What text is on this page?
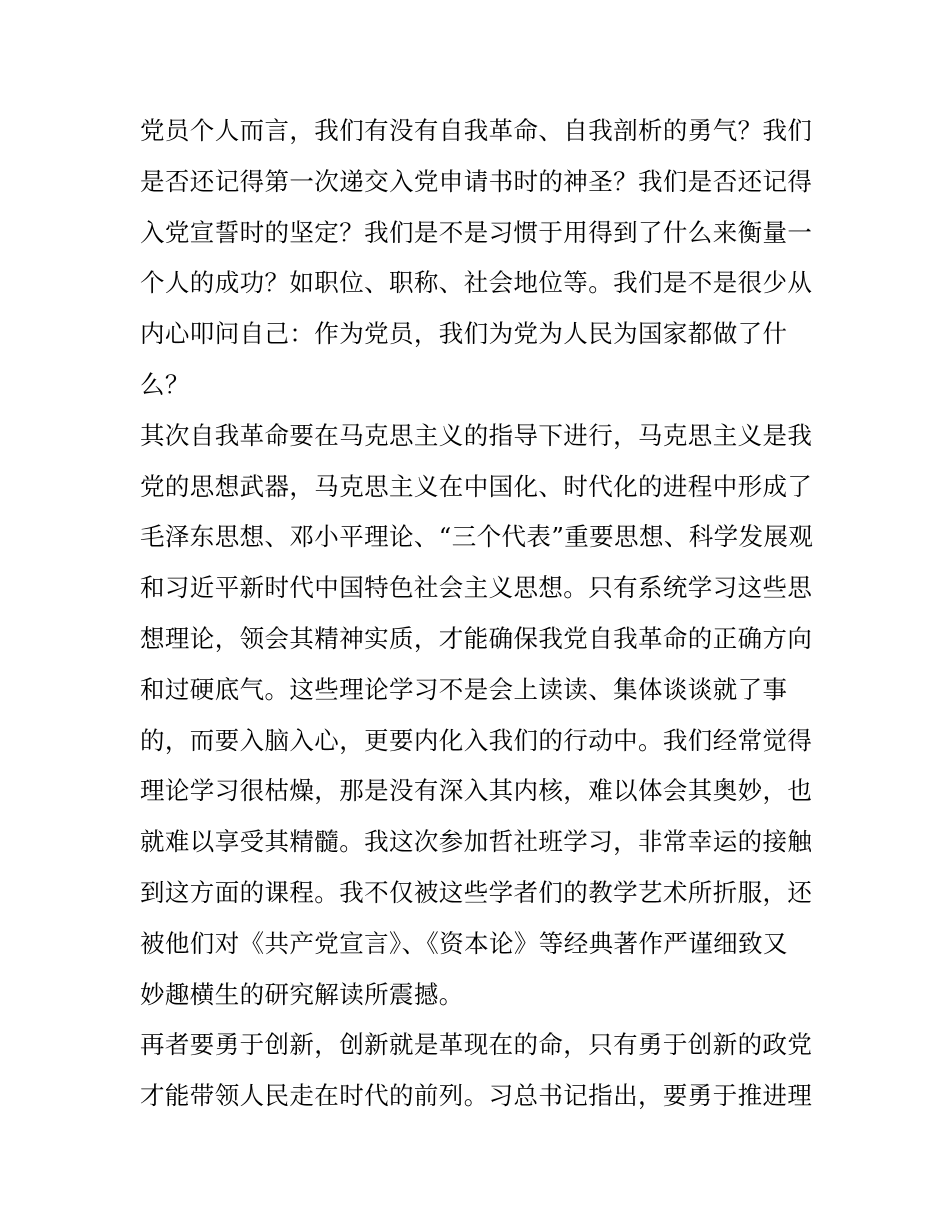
党员个人而言，我们有没有自我革命、自我剖析的勇气？我们
是否还记得第一次递交入党申请书时的神圣？我们是否还记得
入党宣誓时的坚定？我们是不是习惯于用得到了什么来衡量一
个人的成功？如职位、职称、社会地位等。我们是不是很少从
内心叩问自己：作为党员，我们为党为人民为国家都做了什
么？
其次自我革命要在马克思主义的指导下进行，马克思主义是我
党的思想武器，马克思主义在中国化、时代化的进程中形成了
毛泽东思想、邓小平理论、“三个代表”重要思想、科学发展观
和习近平新时代中国特色社会主义思想。只有系统学习这些思
想理论，领会其精神实质，才能确保我党自我革命的正确方向
和过硬底气。这些理论学习不是会上读读、集体谈谈就了事
的，而要入脑入心，更要内化入我们的行动中。我们经常觉得
理论学习很枯燥，那是没有深入其内核，难以体会其奥妙，也
就难以享受其精髓。我这次参加哲社班学习，非常幸运的接触
到这方面的课程。我不仅被这些学者们的教学艺术所折服，还
被他们对《共产党宣言》、《资本论》等经典著作严谨细致又
妙趣横生的研究解读所震撼。
再者要勇于创新，创新就是革现在的命，只有勇于创新的政党
才能带领人民走在时代的前列。习总书记指出，要勇于推进理
